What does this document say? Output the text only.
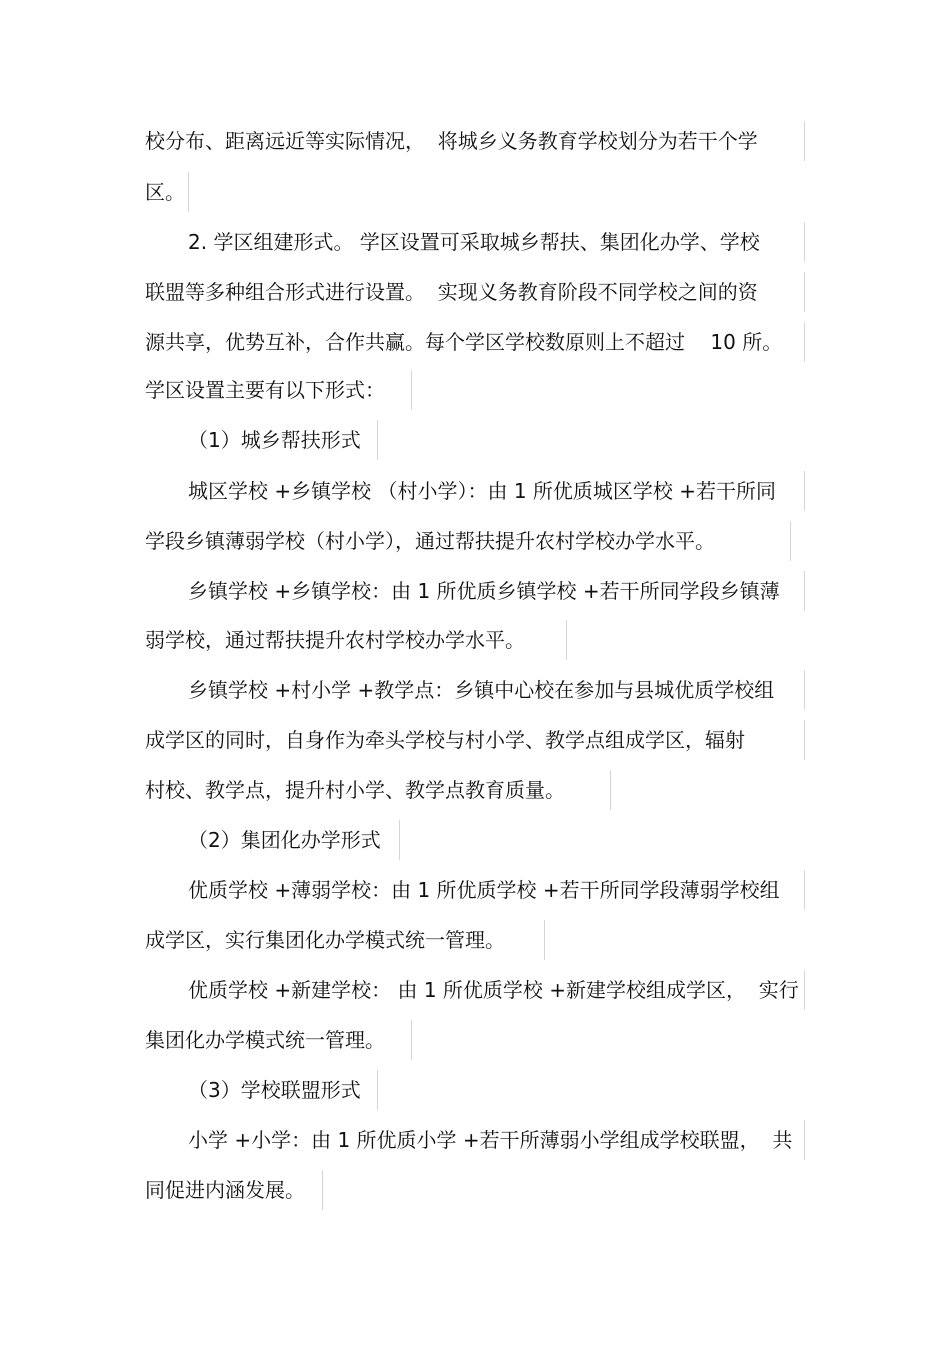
校分布、距离远近等实际情况，  将城乡义务教育学校划分为若干个学
区。
2. 学区组建形式。 学区设置可采取城乡帮扶、集团化办学、学校
联盟等多种组合形式进行设置。  实现义务教育阶段不同学校之间的资
源共享，优势互补，合作共赢。每个学区学校数原则上不超过    10 所。
学区设置主要有以下形式：
（1）城乡帮扶形式
城区学校 +乡镇学校 （村小学）：由 1 所优质城区学校 +若干所同
学段乡镇薄弱学校（村小学），通过帮扶提升农村学校办学水平。
乡镇学校 +乡镇学校：由 1 所优质乡镇学校 +若干所同学段乡镇薄
弱学校，通过帮扶提升农村学校办学水平。
乡镇学校 +村小学 +教学点：乡镇中心校在参加与县城优质学校组
成学区的同时，自身作为牵头学校与村小学、教学点组成学区，辐射
村校、教学点，提升村小学、教学点教育质量。
（2）集团化办学形式
优质学校 +薄弱学校：由 1 所优质学校 +若干所同学段薄弱学校组
成学区，实行集团化办学模式统一管理。
优质学校 +新建学校： 由 1 所优质学校 +新建学校组成学区，  实行
集团化办学模式统一管理。
（3）学校联盟形式
小学 +小学：由 1 所优质小学 +若干所薄弱小学组成学校联盟，  共
同促进内涵发展。
